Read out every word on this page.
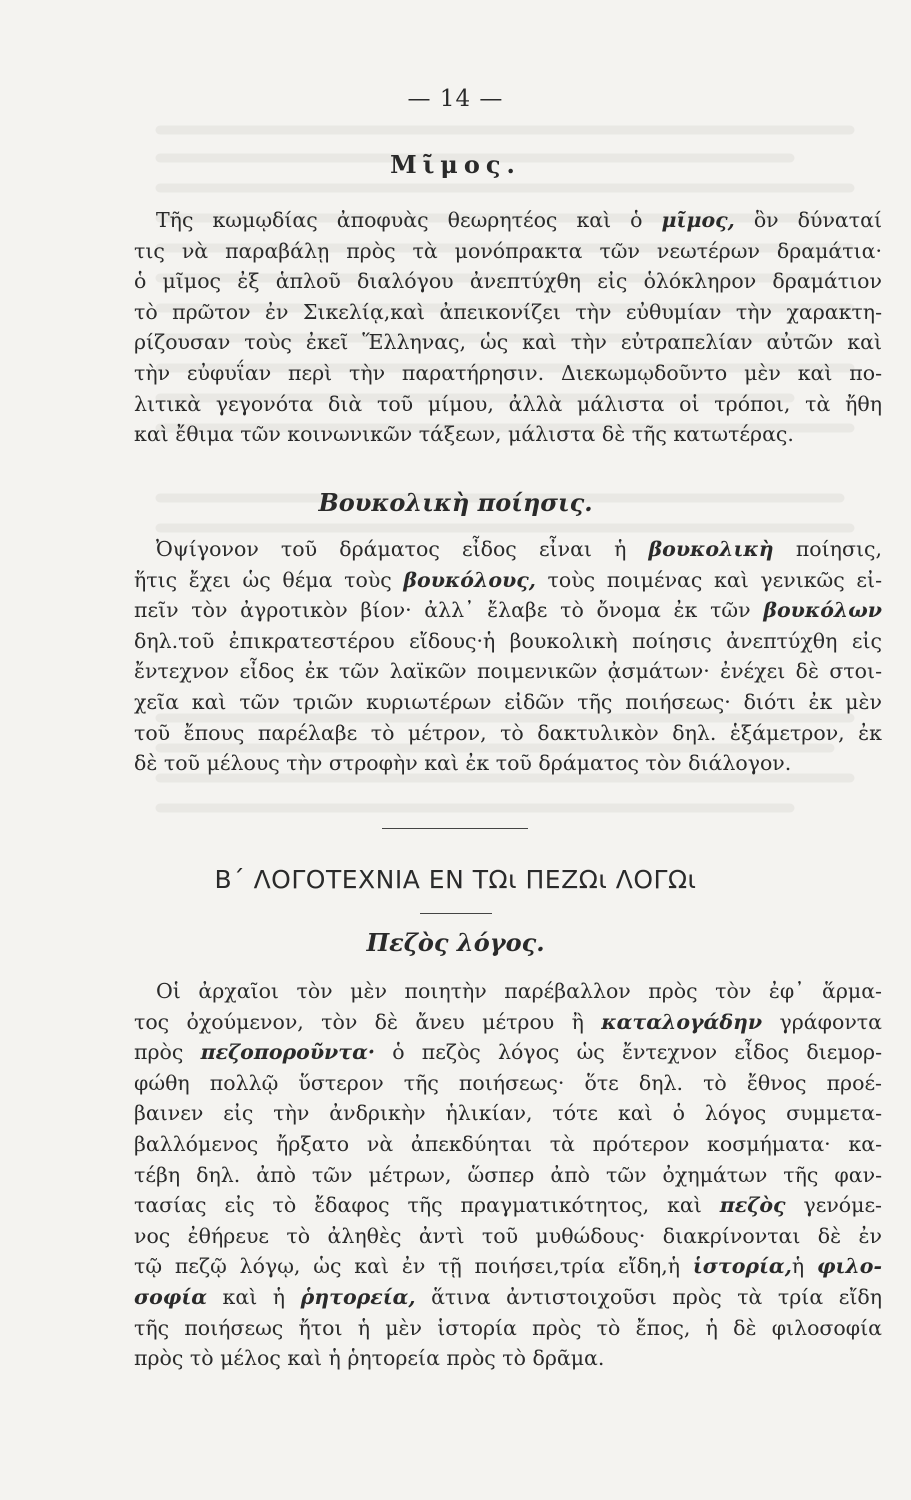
— 14 —
Μῖμος.
Τῆς κωμῳδίας ἀποφυὰς θεωρητέος καὶ ὁ μῖμος, ὃν δύναταί
τις νὰ παραβάλῃ πρὸς τὰ μονόπρακτα τῶν νεωτέρων δραμάτια·
ὁ μῖμος ἐξ ἁπλοῦ διαλόγου ἀνεπτύχθη εἰς ὁλόκληρον δραμάτιον
τὸ πρῶτον ἐν Σικελίᾳ,καὶ ἀπεικονίζει τὴν εὐθυμίαν τὴν χαρακτη-
ρίζουσαν τοὺς ἐκεῖ Ἕλληνας, ὡς καὶ τὴν εὐτραπελίαν αὐτῶν καὶ
τὴν εὐφυΐαν περὶ τὴν παρατήρησιν. Διεκωμῳδοῦντο μὲν καὶ πο-
λιτικὰ γεγονότα διὰ τοῦ μίμου, ἀλλὰ μάλιστα οἱ τρόποι, τὰ ἤθη
καὶ ἔθιμα τῶν κοινωνικῶν τάξεων, μάλιστα δὲ τῆς κατωτέρας.
Βουκολικὴ ποίησις.
Ὀψίγονον τοῦ δράματος εἶδος εἶναι ἡ βουκολικὴ ποίησις,
ἥτις ἔχει ὡς θέμα τοὺς βουκόλους, τοὺς ποιμένας καὶ γενικῶς εἰ-
πεῖν τὸν ἀγροτικὸν βίον· ἀλλ᾽ ἔλαβε τὸ ὄνομα ἐκ τῶν βουκόλων
δηλ.τοῦ ἐπικρατεστέρου εἴδους·ἡ βουκολικὴ ποίησις ἀνεπτύχθη εἰς
ἔντεχνον εἶδος ἐκ τῶν λαϊκῶν ποιμενικῶν ᾀσμάτων· ἐνέχει δὲ στοι-
χεῖα καὶ τῶν τριῶν κυριωτέρων εἰδῶν τῆς ποιήσεως· διότι ἐκ μὲν
τοῦ ἔπους παρέλαβε τὸ μέτρον, τὸ δακτυλικὸν δηλ. ἑξάμετρον, ἐκ
δὲ τοῦ μέλους τὴν στροφὴν καὶ ἐκ τοῦ δράματος τὸν διάλογον.
Β΄ ΛΟΓΟΤΕΧΝΙΑ ΕΝ ΤΩι ΠΕΖΩι ΛΟΓΩι
Πεζὸς λόγος.
Οἱ ἀρχαῖοι τὸν μὲν ποιητὴν παρέβαλλον πρὸς τὸν ἐφ᾽ ἅρμα-
τος ὀχούμενον, τὸν δὲ ἄνευ μέτρου ἢ καταλογάδην γράφοντα
πρὸς πεζοποροῦντα· ὁ πεζὸς λόγος ὡς ἔντεχνον εἶδος διεμορ-
φώθη πολλῷ ὕστερον τῆς ποιήσεως· ὅτε δηλ. τὸ ἔθνος προέ-
βαινεν εἰς τὴν ἀνδρικὴν ἡλικίαν, τότε καὶ ὁ λόγος συμμετα-
βαλλόμενος ἤρξατο νὰ ἀπεκδύηται τὰ πρότερον κοσμήματα· κα-
τέβη δηλ. ἀπὸ τῶν μέτρων, ὥσπερ ἀπὸ τῶν ὀχημάτων τῆς φαν-
τασίας εἰς τὸ ἔδαφος τῆς πραγματικότητος, καὶ πεζὸς γενόμε-
νος ἐθήρευε τὸ ἀληθὲς ἀντὶ τοῦ μυθώδους· διακρίνονται δὲ ἐν
τῷ πεζῷ λόγῳ, ὡς καὶ ἐν τῇ ποιήσει,τρία εἴδη,ἡ ἱστορία,ἡ φιλο-
σοφία καὶ ἡ ῥητορεία, ἅτινα ἀντιστοιχοῦσι πρὸς τὰ τρία εἴδη
τῆς ποιήσεως ἤτοι ἡ μὲν ἱστορία πρὸς τὸ ἔπος, ἡ δὲ φιλοσοφία
πρὸς τὸ μέλος καὶ ἡ ῥητορεία πρὸς τὸ δρᾶμα.
